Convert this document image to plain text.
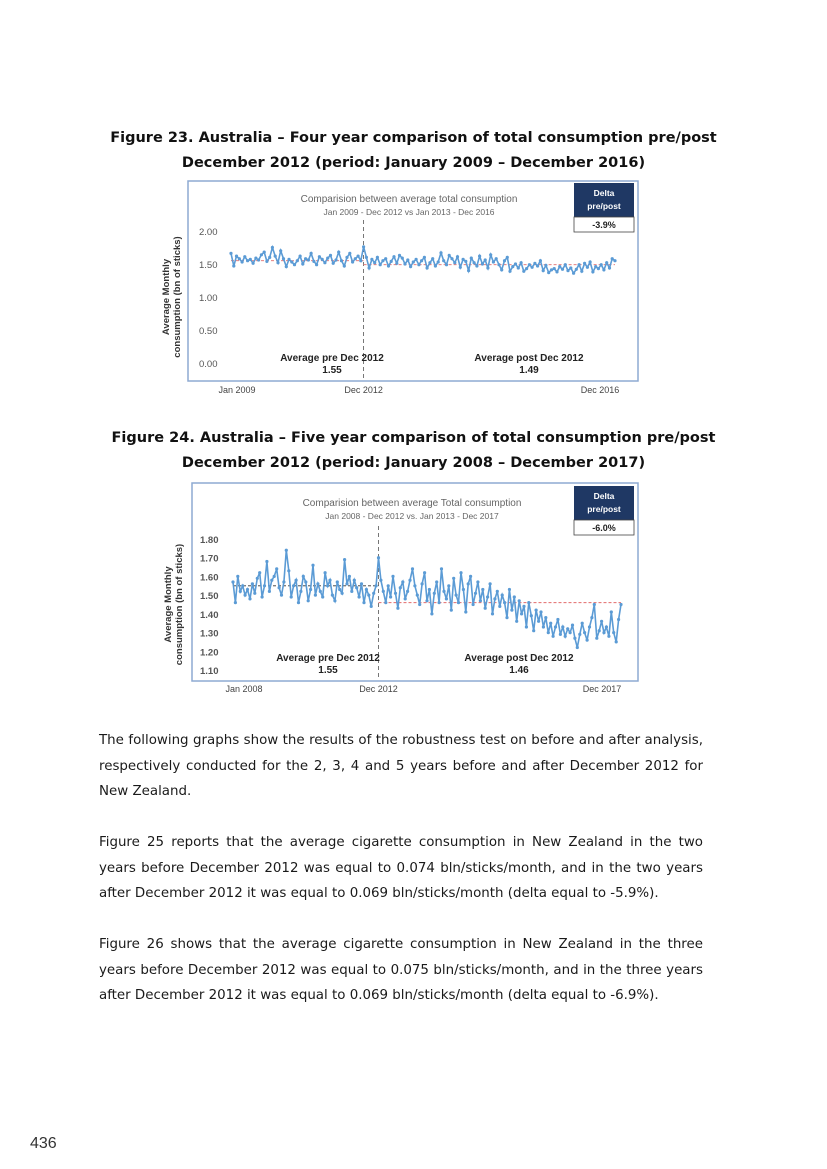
Figure 23. Australia – Four year comparison of total consumption pre/post
December 2012 (period: January 2009 – December 2016)
0.00
0.50
1.00
1.50
2.00
Average Monthly consumption (bn of sticks)
Comparision between average total consumption
Jan 2009 - Dec 2012 vs Jan 2013 - Dec 2016
Delta
pre/post
-3.9%
Average pre Dec 2012
1.55
Average post Dec 2012
1.49
Jan 2009	Dec 2012	Dec 2016
Figure 24. Australia – Five year comparison of total consumption pre/post
December 2012 (period: January 2008 – December 2017)
1.10
1.20
1.30
1.40
1.50
1.60
1.70
1.80
Average Monthly consumption (bn of sticks)
Comparision between average Total consumption
Jan 2008 - Dec 2012 vs. Jan 2013 - Dec 2017
Delta
pre/post
-6.0%
Average pre Dec 2012
1.55
Average post Dec 2012
1.46
Jan 2008	Dec 2012	Dec 2017

The following graphs show the results of the robustness test on before and after analysis, respectively conducted for the 2, 3, 4 and 5 years before and after December 2012 for New Zealand.

Figure 25 reports that the average cigarette consumption in New Zealand in the two years before December 2012 was equal to 0.074 bln/sticks/month, and in the two years after December 2012 it was equal to 0.069 bln/sticks/month (delta equal to -5.9%).

Figure 26 shows that the average cigarette consumption in New Zealand in the three years before December 2012 was equal to 0.075 bln/sticks/month, and in the three years after December 2012 it was equal to 0.069 bln/sticks/month (delta equal to -6.9%).

436
